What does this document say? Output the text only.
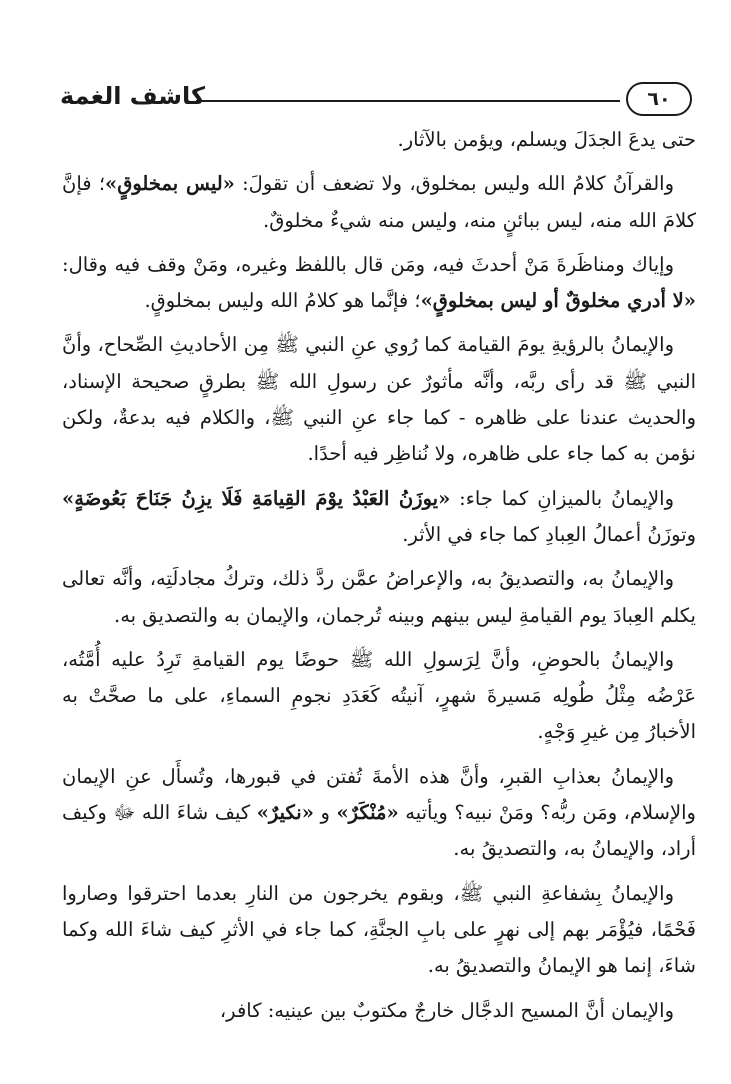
كاشف الغمة	٦٠

حتى يدعَ الجدَلَ ويسلم، ويؤمن بالآثار.

والقرآنُ كلامُ الله وليس بمخلوق، ولا تضعف أن تقولَ: «ليس بمخلوقٍ»؛ فإنَّ كلامَ الله منه، ليس ببائنٍ منه، وليس منه شيءٌ مخلوقٌ.

وإياك ومناظَرةَ مَنْ أحدثَ فيه، ومَن قال باللفظ وغيره، ومَنْ وقف فيه وقال: «لا أدري مخلوقٌ أو ليس بمخلوقٍ»؛ فإنَّما هو كلامُ الله وليس بمخلوقٍ.

والإيمانُ بالرؤيةِ يومَ القيامة كما رُوي عنِ النبي ﷺ مِن الأحاديثِ الصِّحاح، وأنَّ النبي ﷺ قد رأى ربَّه، وأنَّه مأثورٌ عن رسولِ الله ﷺ بطرقٍ صحيحة الإسناد، والحديث عندنا على ظاهره - كما جاء عنِ النبي ﷺ، والكلام فيه بدعةٌ، ولكن نؤمن به كما جاء على ظاهره، ولا نُناظِر فيه أحدًا.

والإيمانُ بالميزانِ كما جاء: «يوزَنُ العَبْدُ يوْمَ القِيامَةِ فَلَا يزِنُ جَنَاحَ بَعُوضَةٍ» وتوزَنُ أعمالُ العِبادِ كما جاء في الأثر.

والإيمانُ به، والتصديقُ به، والإعراضُ عمَّن ردَّ ذلك، وتركُ مجادلَتِه، وأنَّه تعالى يكلم العِبادَ يوم القيامةِ ليس بينهم وبينه تُرجمان، والإيمان به والتصديق به.

والإيمانُ بالحوضِ، وأنَّ لِرَسولِ الله ﷺ حوضًا يوم القيامةِ تَرِدُ عليه أُمَّتُه، عَرْضُه مِثْلُ طُولِه مَسيرةَ شهرٍ، آنيتُه كَعَدَدِ نجومِ السماءِ، على ما صحَّتْ به الأخبارُ مِن غيرِ وَجْهٍ.

والإيمانُ بعذابِ القبرِ، وأنَّ هذه الأمةَ تُفتن في قبورها، وتُسأَل عنِ الإيمان والإسلام، ومَن ربُّه؟ ومَنْ نبيه؟ ويأتيه «مُنْكَرٌ» و «نكيرٌ» كيف شاءَ الله ﷻ وكيف أراد، والإيمانُ به، والتصديقُ به.

والإيمانُ بِشفاعةِ النبي ﷺ، وبقوم يخرجون من النارِ بعدما احترقوا وصاروا فَحْمًا، فيُؤْمَر بهم إلى نهرٍ على بابِ الجنَّةِ، كما جاء في الأثرِ كيف شاءَ الله وكما شاءَ، إنما هو الإيمانُ والتصديقُ به.

والإيمان أنَّ المسيح الدجَّال خارجٌ مكتوبٌ بين عينيه: كافر،
